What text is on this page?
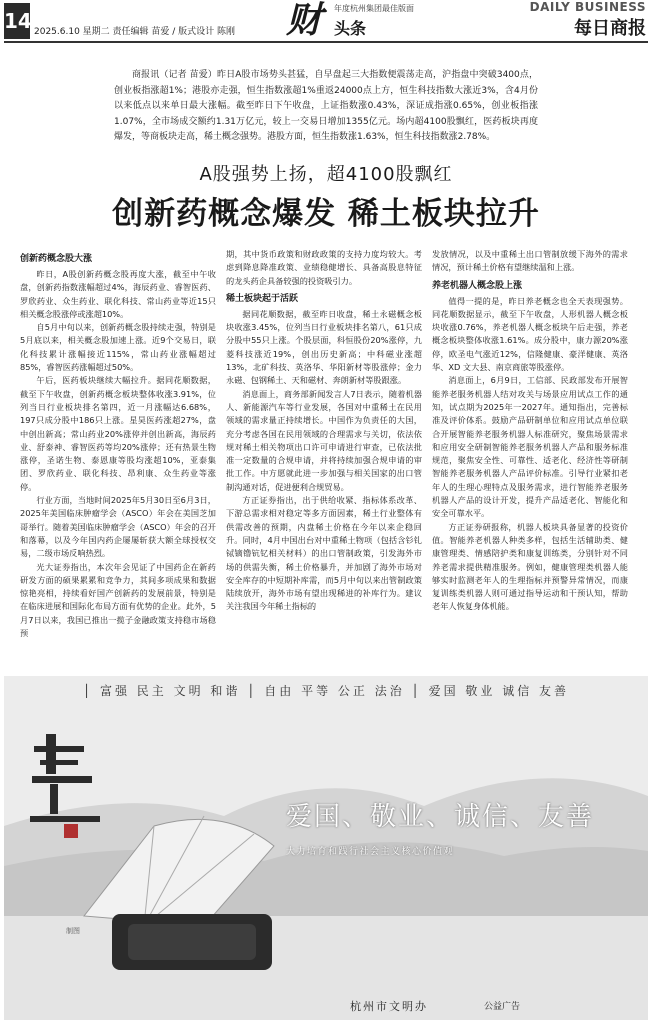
14 2025.6.10 星期二 责任编辑 苗爱 / 版式设计 陈刚 财 年度杭州集团最佳版面
头条
DAILY BUSINESS
每日商报
商报讯（记者 苗爱）昨日A股市场势头甚猛，自早盘起三大指数便震荡走高，沪指盘中突破3400点，创业板指涨超1%；港股亦走强，恒生指数涨超1%重返24000点上方，恒生科技指数大涨近3%，含4月份以来低点以来单日最大涨幅。截至昨日下午收盘，上证指数涨0.43%，深证成指涨0.65%，创业板指涨1.07%，全市场成交额约1.31万亿元，较上一交易日增加1355亿元。场内超4100股飘红，医药板块再度爆发，等商板块走高，稀土概念强势。港股方面，恒生指数涨1.63%，恒生科技指数涨2.78%。
A股强势上扬，超4100股飘红
创新药概念爆发 稀土板块拉升
创新药概念股大涨

昨日，A股创新药概念股再度大涨，截至中午收盘，创新药指数涨幅超过4%，海辰药业、睿智医药、罗欣药业、众生药业、联化科技、常山药业等近15只相关概念股涨停或涨超10%。

自5月中旬以来，创新药概念股持续走强，特别是5月底以来，相关概念股加速上涨。近9个交易日，联化科技累计涨幅接近115%，常山药业涨幅超过85%，睿智医药涨幅超过50%。

午后，医药板块继续大幅拉升。据同花顺数据，截至下午收盘，创新药概念板块整体收涨3.91%，位列当日行业板块排名第四，近一月涨幅达6.68%，197只成分股中186只上涨。星昊医药涨超27%，盘中创出新高；常山药业20%涨停并创出新高，海辰药业、舒泰神、睿智医药等均20%涨停；还有热景生物涨停，圣诺生物、泰恩康等股均涨超10%，亚泰集团、罗欣药业、联化科技、昂利康、众生药业等涨停。

行业方面，当地时间2025年5月30日至6月3日，2025年美国临床肿瘤学会（ASCO）年会在美国芝加哥举行。随着美国临床肿瘤学会（ASCO）年会的召开和落幕，以及今年国内药企屡屡斩获大额全球授权交易，二级市场反响热烈。

光大证券指出，本次年会见证了中国药企在新药研发方面的硕果累累和竞争力，其间多项成果和数据惊艳亮相，持续看好国产创新药的发展前景，特别是在临床进展和国际化布局方面有优势的企业。此外，5月7日以来，我国已推出一揽子金融政策支持稳市场稳预

期，其中货币政策和财政政策的支持力度均较大。考虑到降息降准政策、业绩稳健增长、具备高股息特征的龙头药企具备较强的投资吸引力。

稀土板块起于活跃

据同花顺数据，截至昨日收盘，稀土永磁概念板块收涨3.45%，位列当日行业板块排名第八，61只成分股中55只上涨。个股层面，科恒股份20%涨停，九菱科技涨近19%，创出历史新高；中科磁业涨超13%，北矿科技、英洛华、华阳新材等股涨停；金力永磁、包钢稀土、天和磁材、奔朗新材等股跟涨。

消息面上，商务部新闻发言人7日表示，随着机器人、新能源汽车等行业发展，各国对中重稀土在民用领域的需求量正持续增长。中国作为负责任的大国，充分考虑各国在民用领域的合理需求与关切，依法依规对稀土相关物项出口许可申请进行审查，已依法批准一定数量的合规申请，并将持续加强合规申请的审批工作。中方愿就此进一步加强与相关国家的出口管制沟通对话，促进便利合规贸易。

方正证券指出，出于供给收紧、指标体系改革、下游总需求相对稳定等多方面因素，稀土行业整体有供需改善的预期，内盘稀土价格在今年以来企稳回升。同时，4月中国出台对中重稀土物项（包括含钐钆铽镝镥钪钇相关材料）的出口管制政策，引发海外市场的供需失衡，稀土价格暴升，并加剧了海外市场对安全库存的中短期补库需，而5月中旬以来出管制政策陆续放开，海外市场有望出现稀进的补库行为。建议关注我国今年稀土指标的

发放情况，以及中重稀土出口管制放缓下海外的需求情况，预计稀土价格有望继续温和上涨。

养老机器人概念股上涨

值得一提的是，昨日养老概念也全天表现强势。同花顺数据显示，截至下午收盘，人形机器人概念板块收涨0.76%，养老机器人概念板块午后走强，养老概念板块整体收涨1.61%。成分股中，康力源20%涨停，欧圣电气涨近12%，信隆健康、豪洋健康、英洛华、XD 文大县、南京商旅等股涨停。

消息面上，6月9日，工信部、民政部发布开展智能养老服务机器人结对攻关与场景应用试点工作的通知，试点期为2025年一2027年。通知指出，完善标准及评价体系。鼓励产品研制单位和应用试点单位联合开展智能养老服务机器人标准研究，聚焦场景需求和应用安全研制智能养老服务机器人产品和服务标准规范，聚焦安全性、可靠性、适老化、经济性等研制智能养老服务机器人产品评价标准。引导行业紧扣老年人的生理心理特点及服务需求，进行智能养老服务机器人产品的设计开发，提升产品适老化、智能化和安全可靠水平。

方正证券研报称，机器人板块具备显著的投资价值。智能养老机器人种类多样，包括生活辅助类、健康管理类、情感陪护类和康复训练类，分别针对不同养老需求提供精准服务。例如，健康管理类机器人能够实时监测老年人的生理指标并预警异常情况，而康复训练类机器人则可通过指导运动和干预认知，帮助老年人恢复身体机能。

│ 富强 民主 文明 和谐 │ 自由 平等 公正 法治 │ 爱国 敬业 诚信 友善
爱国、敬业、诚信、友善
大力培育和践行社会主义核心价值观
制图
杭州市文明办	公益广告
